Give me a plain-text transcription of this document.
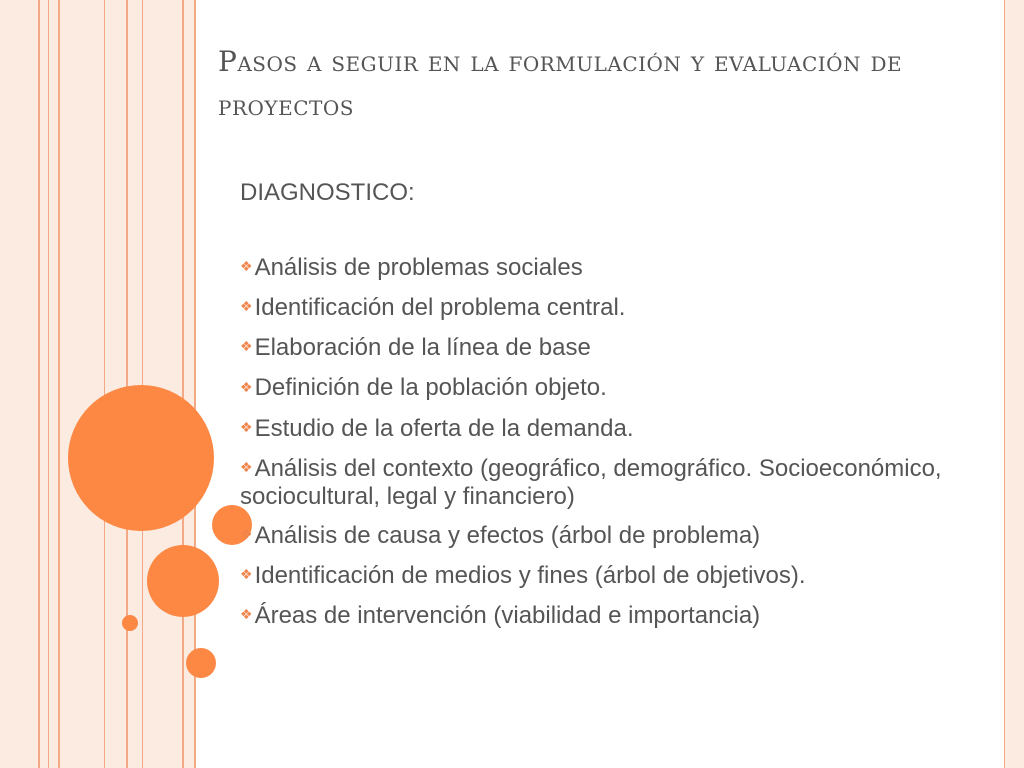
Pasos a seguir en la formulación y evaluación de proyectos
DIAGNOSTICO:
❖Análisis de problemas sociales
❖Identificación del problema central.
❖Elaboración de la línea de base
❖Definición de la población objeto.
❖Estudio de la oferta de la demanda.
❖Análisis del contexto (geográfico, demográfico. Socioeconómico, sociocultural, legal y financiero)
❖Análisis de causa y efectos (árbol de problema)
❖Identificación de medios y fines (árbol de objetivos).
❖Áreas de intervención (viabilidad e importancia)
